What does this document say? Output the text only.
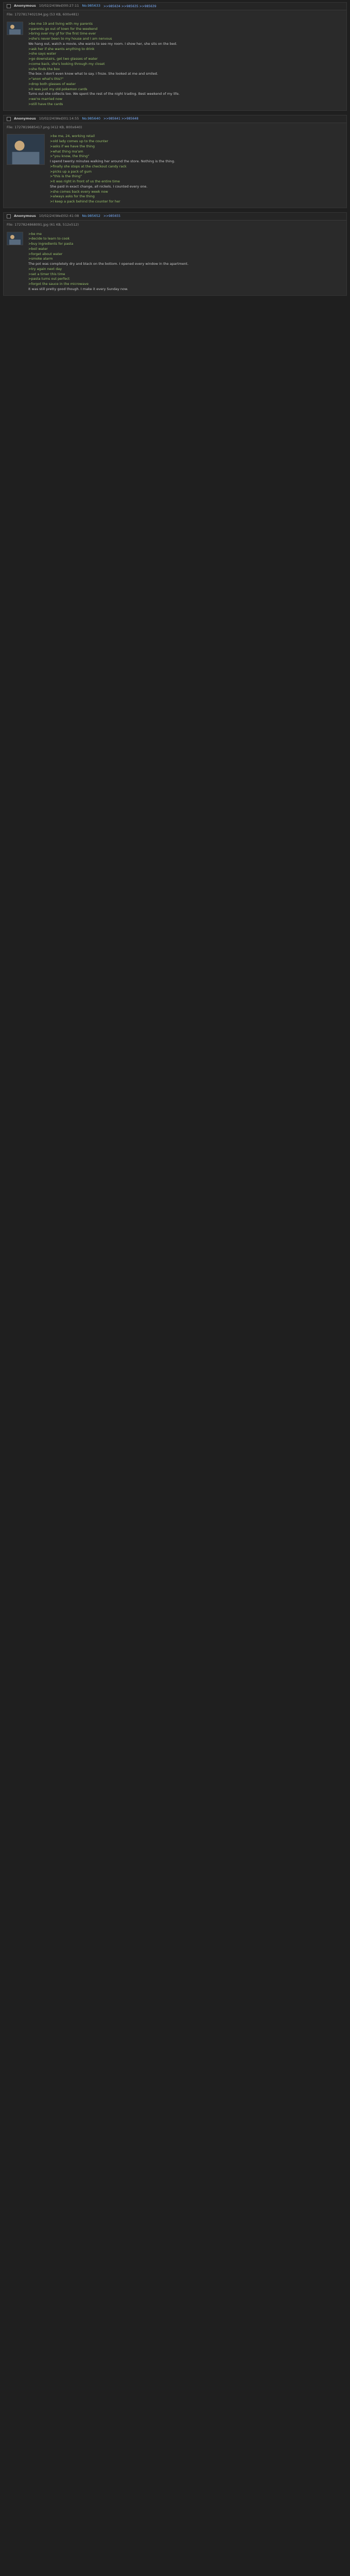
Anonymous 10/02/24(Wed)00:27:11 No.985633 >>985634 >>985635 >>985639
File: 1727817402194.jpg (53 KB, 600x481)
>be me 19 and living with my parents
>parents go out of town for the weekend
>bring over my gf for the first time ever
>she's never been to my house and I am nervous
We hang out, watch a movie, she wants to see my room. I show her, she sits on the bed.
>ask her if she wants anything to drink
>she says water
>go downstairs, get two glasses of water
>come back, she's looking through my closet
>she finds the box
The box. I don't even know what to say. I froze. She looked at me and smiled.
>"anon what's this?"
>drop both glasses of water
>it was just my old pokemon cards
Turns out she collects too. We spent the rest of the night trading. Best weekend of my life.
>we're married now
>still have the cards
Anonymous 10/02/24(Wed)01:14:55 No.985640 >>985641 >>985648
File: 1727819685417.png (412 KB, 800x640)
>be me, 24, working retail
>old lady comes up to the counter
>asks if we have the thing
>what thing ma'am
>"you know, the thing"
I spend twenty minutes walking her around the store. Nothing is the thing.
>finally she stops at the checkout candy rack
>picks up a pack of gum
>"this is the thing"
>it was right in front of us the entire time
She paid in exact change, all nickels. I counted every one.
>she comes back every week now
>always asks for the thing
>I keep a pack behind the counter for her
Anonymous 10/02/24(Wed)02:41:08 No.985652 >>985655
File: 1727824868091.jpg (61 KB, 512x512)
>be me
>decide to learn to cook
>buy ingredients for pasta
>boil water
>forget about water
>smoke alarm
The pot was completely dry and black on the bottom. I opened every window in the apartment.
>try again next day
>set a timer this time
>pasta turns out perfect
>forgot the sauce in the microwave
It was still pretty good though. I make it every Sunday now.
